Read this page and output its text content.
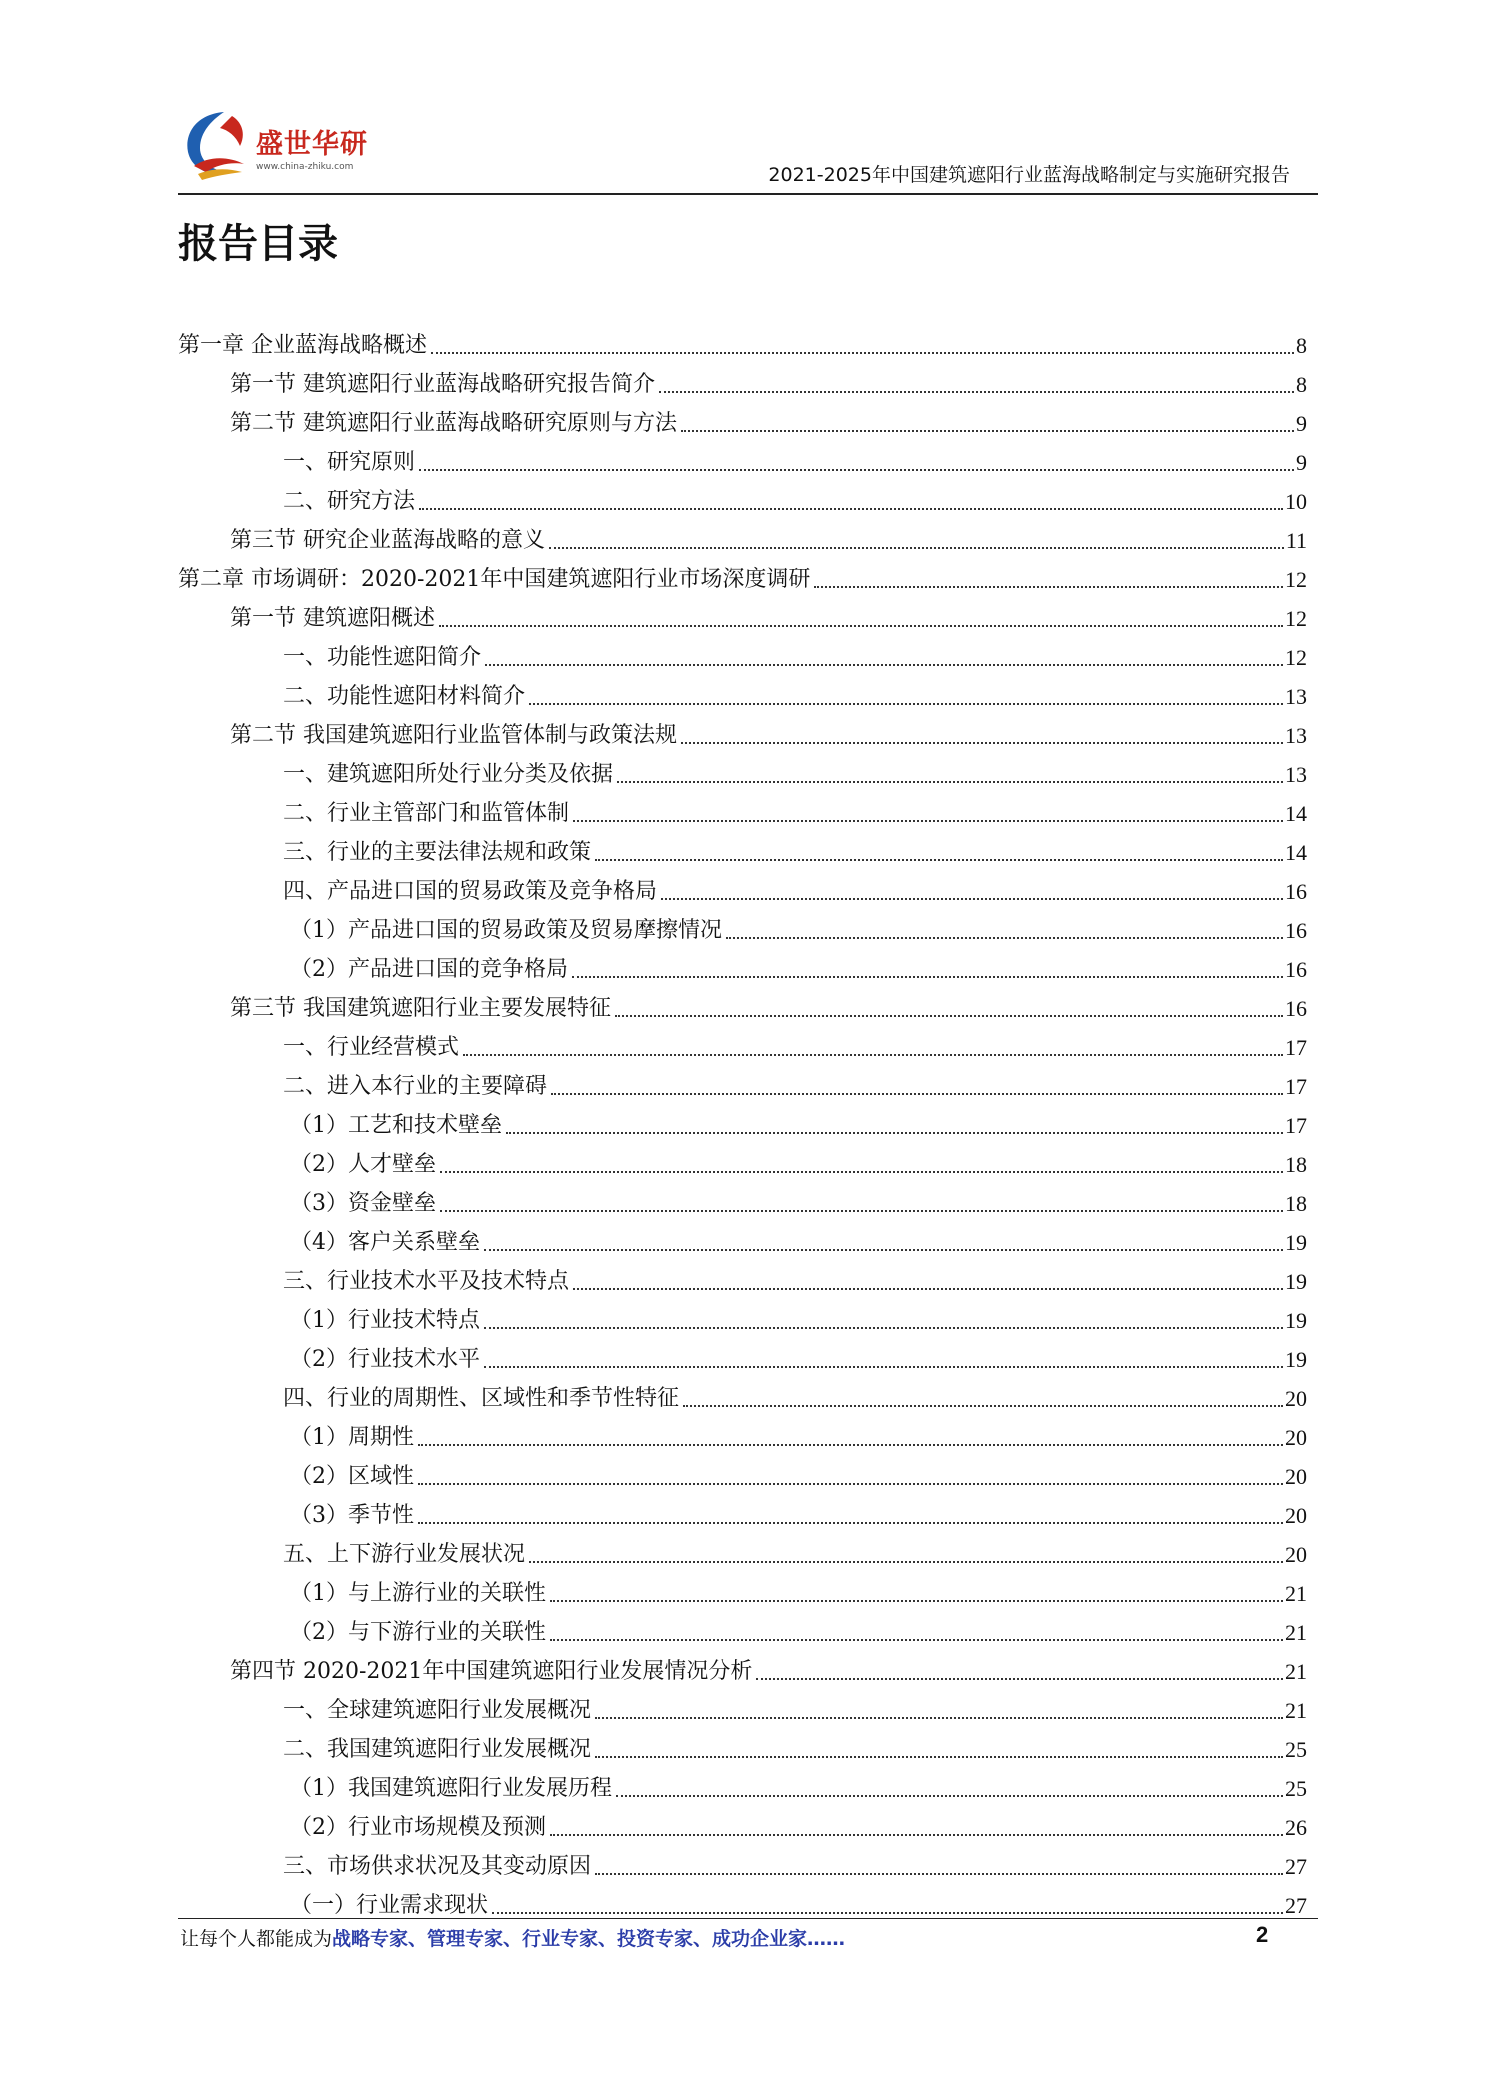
盛世华研
www.china-zhiku.com	2021-2025年中国建筑遮阳行业蓝海战略制定与实施研究报告
报告目录
第一章 企业蓝海战略概述	8
第一节 建筑遮阳行业蓝海战略研究报告简介	8
第二节 建筑遮阳行业蓝海战略研究原则与方法	9
一、研究原则	9
二、研究方法	10
第三节 研究企业蓝海战略的意义	11
第二章 市场调研：2020-2021年中国建筑遮阳行业市场深度调研	12
第一节 建筑遮阳概述	12
一、功能性遮阳简介	12
二、功能性遮阳材料简介	13
第二节 我国建筑遮阳行业监管体制与政策法规	13
一、建筑遮阳所处行业分类及依据	13
二、行业主管部门和监管体制	14
三、行业的主要法律法规和政策	14
四、产品进口国的贸易政策及竞争格局	16
（1）产品进口国的贸易政策及贸易摩擦情况	16
（2）产品进口国的竞争格局	16
第三节 我国建筑遮阳行业主要发展特征	16
一、行业经营模式	17
二、进入本行业的主要障碍	17
（1）工艺和技术壁垒	17
（2）人才壁垒	18
（3）资金壁垒	18
（4）客户关系壁垒	19
三、行业技术水平及技术特点	19
（1）行业技术特点	19
（2）行业技术水平	19
四、行业的周期性、区域性和季节性特征	20
（1）周期性	20
（2）区域性	20
（3）季节性	20
五、上下游行业发展状况	20
（1）与上游行业的关联性	21
（2）与下游行业的关联性	21
第四节 2020-2021年中国建筑遮阳行业发展情况分析	21
一、全球建筑遮阳行业发展概况	21
二、我国建筑遮阳行业发展概况	25
（1）我国建筑遮阳行业发展历程	25
（2）行业市场规模及预测	26
三、市场供求状况及其变动原因	27
（一）行业需求现状	27
让每个人都能成为战略专家、管理专家、行业专家、投资专家、成功企业家……	2
